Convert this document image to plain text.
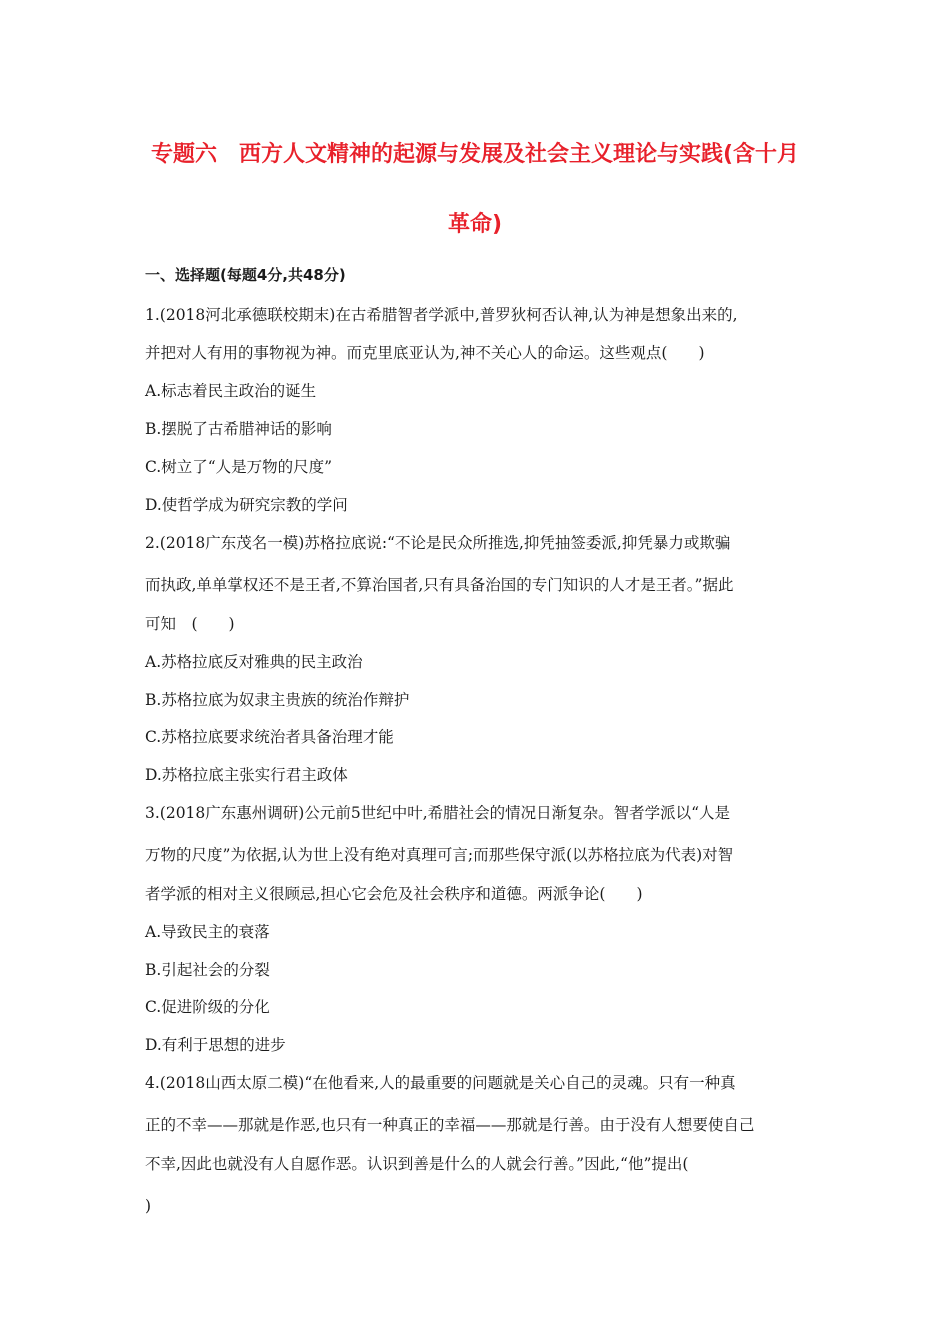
专题六　西方人文精神的起源与发展及社会主义理论与实践(含十月
革命)
一、选择题(每题4分,共48分)
1.(2018河北承德联校期末)在古希腊智者学派中,普罗狄柯否认神,认为神是想象出来的,
并把对人有用的事物视为神。而克里底亚认为,神不关心人的命运。这些观点(　　)
A.标志着民主政治的诞生
B.摆脱了古希腊神话的影响
C.树立了“人是万物的尺度”
D.使哲学成为研究宗教的学问
2.(2018广东茂名一模)苏格拉底说:“不论是民众所推选,抑凭抽签委派,抑凭暴力或欺骗
而执政,单单掌权还不是王者,不算治国者,只有具备治国的专门知识的人才是王者。”据此
可知　(　　)
A.苏格拉底反对雅典的民主政治
B.苏格拉底为奴隶主贵族的统治作辩护
C.苏格拉底要求统治者具备治理才能
D.苏格拉底主张实行君主政体
3.(2018广东惠州调研)公元前5世纪中叶,希腊社会的情况日渐复杂。智者学派以“人是
万物的尺度”为依据,认为世上没有绝对真理可言;而那些保守派(以苏格拉底为代表)对智
者学派的相对主义很顾忌,担心它会危及社会秩序和道德。两派争论(　　)
A.导致民主的衰落
B.引起社会的分裂
C.促进阶级的分化
D.有利于思想的进步
4.(2018山西太原二模)“在他看来,人的最重要的问题就是关心自己的灵魂。只有一种真
正的不幸——那就是作恶,也只有一种真正的幸福——那就是行善。由于没有人想要使自己
不幸,因此也就没有人自愿作恶。认识到善是什么的人就会行善。”因此,“他”提出(
)
